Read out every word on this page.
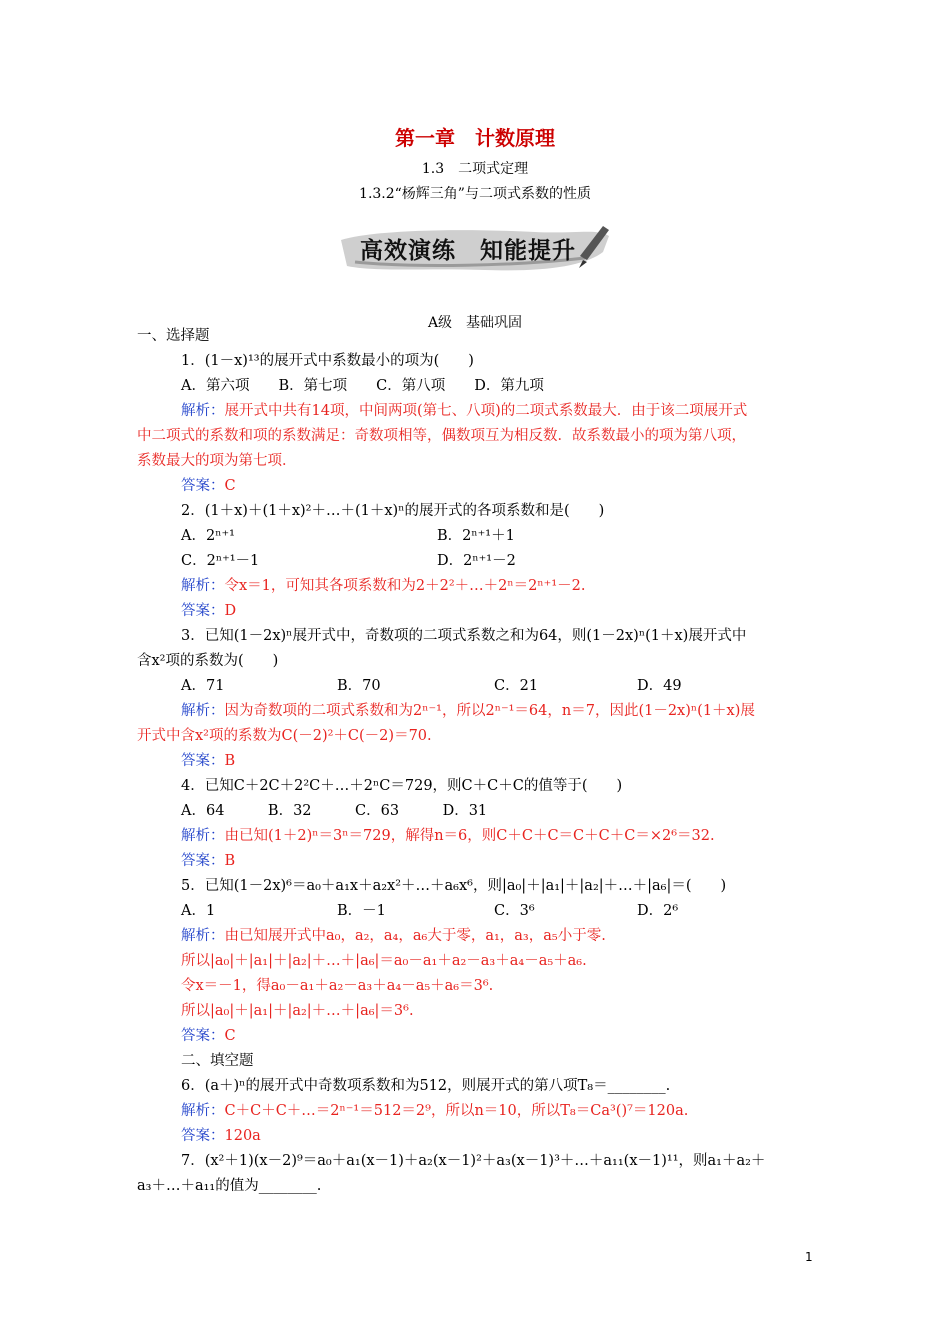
第一章　计数原理
1.3　二项式定理
1.3.2“杨辉三角”与二项式系数的性质
高效演练　知能提升
A级　基础巩固
一、选择题
1．(1－x)¹³的展开式中系数最小的项为(　　)
A．第六项　　B．第七项　　C．第八项　　D．第九项
解析：展开式中共有14项，中间两项(第七、八项)的二项式系数最大．由于该二项展开式
中二项式的系数和项的系数满足：奇数项相等，偶数项互为相反数．故系数最小的项为第八项，
系数最大的项为第七项．
答案：C
2．(1＋x)＋(1＋x)²＋…＋(1＋x)ⁿ的展开式的各项系数和是(　　)
A．2ⁿ⁺¹	B．2ⁿ⁺¹＋1
C．2ⁿ⁺¹－1	D．2ⁿ⁺¹－2
解析：令x＝1，可知其各项系数和为2＋2²＋…＋2ⁿ＝2ⁿ⁺¹－2.
答案：D
3．已知(1－2x)ⁿ展开式中，奇数项的二项式系数之和为64，则(1－2x)ⁿ(1＋x)展开式中
含x²项的系数为(　　)
A．71	B．70	C．21	D．49
解析：因为奇数项的二项式系数和为2ⁿ⁻¹，所以2ⁿ⁻¹＝64，n＝7，因此(1－2x)ⁿ(1＋x)展
开式中含x²项的系数为C(－2)²＋C(－2)＝70.
答案：B
4．已知C＋2C＋2²C＋…＋2ⁿC＝729，则C＋C＋C的值等于(　　)
A．64　　　B．32　　　C．63　　　D．31
解析：由已知(1＋2)ⁿ＝3ⁿ＝729，解得n＝6，则C＋C＋C＝C＋C＋C＝×2⁶＝32.
答案：B
5．已知(1－2x)⁶＝a₀＋a₁x＋a₂x²＋…＋a₆x⁶，则|a₀|＋|a₁|＋|a₂|＋…＋|a₆|＝(　　)
A．1	B．－1	C．3⁶	D．2⁶
解析：由已知展开式中a₀，a₂，a₄，a₆大于零，a₁，a₃，a₅小于零.
所以|a₀|＋|a₁|＋|a₂|＋…＋|a₆|＝a₀－a₁＋a₂－a₃＋a₄－a₅＋a₆.
令x＝－1，得a₀－a₁＋a₂－a₃＋a₄－a₅＋a₆＝3⁶.
所以|a₀|＋|a₁|＋|a₂|＋…＋|a₆|＝3⁶.
答案：C
二、填空题
6．(a＋)ⁿ的展开式中奇数项系数和为512，则展开式的第八项T₈＝________.
解析：C＋C＋C＋…＝2ⁿ⁻¹＝512＝2⁹，所以n＝10，所以T₈＝Ca³()⁷＝120a.
答案：120a
7．(x²＋1)(x－2)⁹＝a₀＋a₁(x－1)＋a₂(x－1)²＋a₃(x－1)³＋…＋a₁₁(x－1)¹¹，则a₁＋a₂＋
a₃＋…＋a₁₁的值为________.
1
